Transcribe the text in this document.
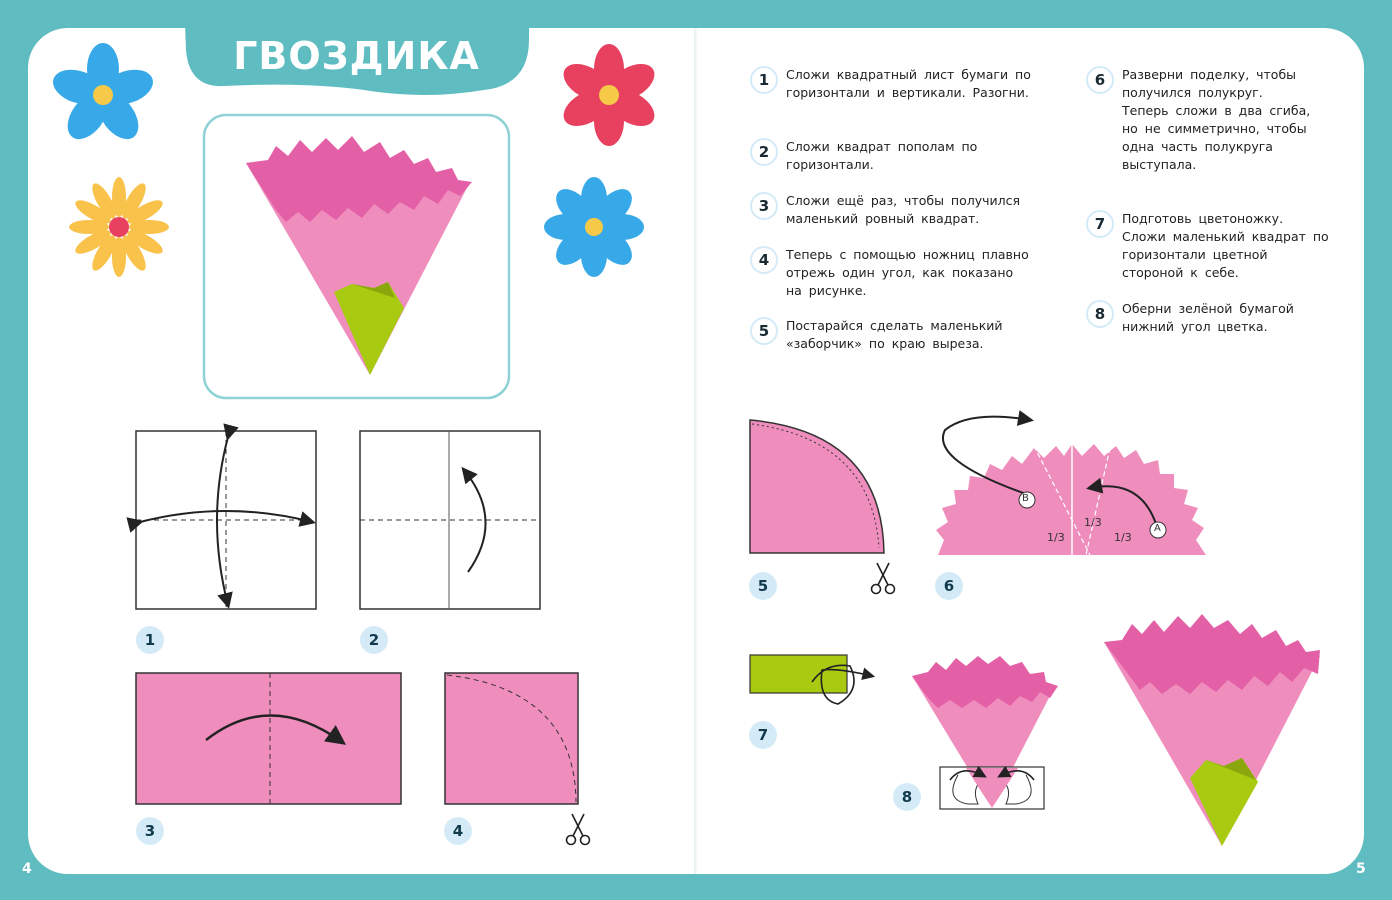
ГВОЗДИКА
B
A
1/3
1/3
1/3
1	2
3	4
5	6
7
8
1	Сложи квадратный лист бумаги по горизонтали и вертикали. Разогни.
2	Сложи квадрат пополам по горизонтали.
3	Сложи ещё раз, чтобы получился маленький ровный квадрат.
4	Теперь с помощью ножниц плавно отрежь один угол, как показано на рисунке.
5	Постарайся сделать маленький «заборчик» по краю выреза.
6	Разверни поделку, чтобы получился полукруг. Теперь сложи в два сгиба, но не симметрично, чтобы одна часть полукруга выступала.
7	Подготовь цветоножку. Сложи маленький квадрат по горизонтали цветной стороной к себе.
8	Оберни зелёной бумагой нижний угол цветка.
4	5
